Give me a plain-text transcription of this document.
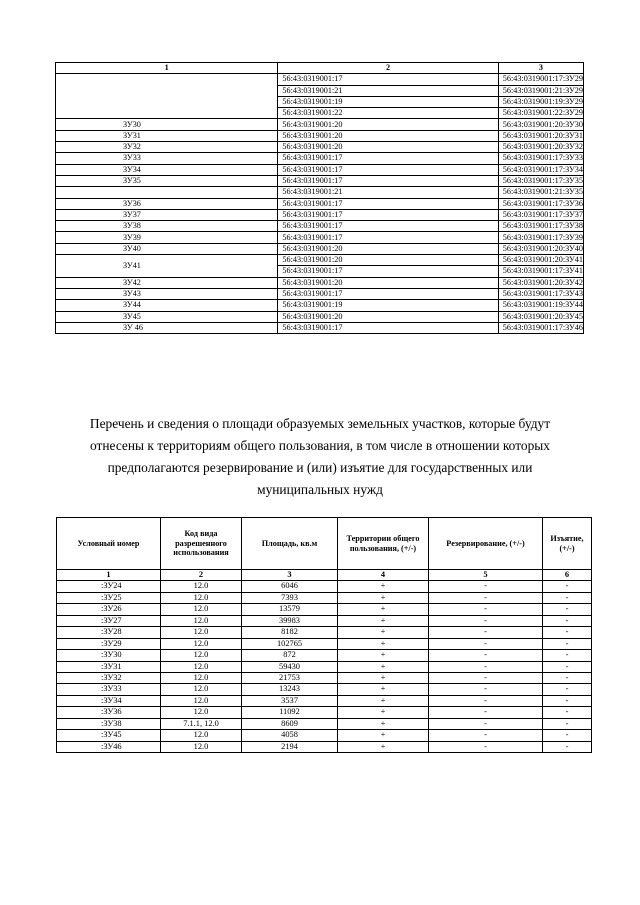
1	2	3
	56:43:0319001:17	56:43:0319001:17:ЗУ29
	56:43:0319001:21	56:43:0319001:21:ЗУ29
	56:43:0319001:19	56:43:0319001:19:ЗУ29
	56:43:0319001:22	56:43:0319001:22:ЗУ29
ЗУ30	56:43:0319001:20	56:43:0319001:20:ЗУ30
ЗУ31	56:43:0319001:20	56:43:0319001:20:ЗУ31
ЗУ32	56:43:0319001:20	56:43:0319001:20:ЗУ32
ЗУ33	56:43:0319001:17	56:43:0319001:17:ЗУ33
ЗУ34	56:43:0319001:17	56:43:0319001:17:ЗУ34
ЗУ35	56:43:0319001:17	56:43:0319001:17:ЗУ35
	56:43:0319001:21	56:43:0319001:21:ЗУ35
ЗУ36	56:43:0319001:17	56:43:0319001:17:ЗУ36
ЗУ37	56:43:0319001:17	56:43:0319001:17:ЗУ37
ЗУ38	56:43:0319001:17	56:43:0319001:17:ЗУ38
ЗУ39	56:43:0319001:17	56:43:0319001:17:ЗУ39
ЗУ40	56:43:0319001:20	56:43:0319001:20:ЗУ40
ЗУ41	56:43:0319001:20	56:43:0319001:20:ЗУ41
	56:43:0319001:17	56:43:0319001:17:ЗУ41
ЗУ42	56:43:0319001:20	56:43:0319001:20:ЗУ42
ЗУ43	56:43:0319001:17	56:43:0319001:17:ЗУ43
ЗУ44	56:43:0319001:19	56:43:0319001:19:ЗУ44
ЗУ45	56:43:0319001:20	56:43:0319001:20:ЗУ45
ЗУ 46	56:43:0319001:17	56:43:0319001:17:ЗУ46
Перечень и сведения о площади образуемых земельных участков, которые будут
отнесены к территориям общего пользования, в том числе в отношении которых
предполагаются резервирование и (или) изъятие для государственных или
муниципальных нужд
Условный номер	Код вида разрешенного использования	Площадь, кв.м	Территории общего пользования, (+/-)	Резервирование, (+/-)	Изъятие, (+/-)
1	2	3	4	5	6
:ЗУ24	12.0	6046	+	-	-
:ЗУ25	12.0	7393	+	-	-
:ЗУ26	12.0	13579	+	-	-
:ЗУ27	12.0	39983	+	-	-
:ЗУ28	12.0	8182	+	-	-
:ЗУ29	12.0	102765	+	-	-
:ЗУ30	12.0	872	+	-	-
:ЗУ31	12.0	59430	+	-	-
:ЗУ32	12.0	21753	+	-	-
:ЗУ33	12.0	13243	+	-	-
:ЗУ34	12.0	3537	+	-	-
:ЗУ36	12.0	11092	+	-	-
:ЗУ38	7.1.1, 12.0	8609	+	-	-
:ЗУ45	12.0	4058	+	-	-
:ЗУ46	12.0	2194	+	-	-
